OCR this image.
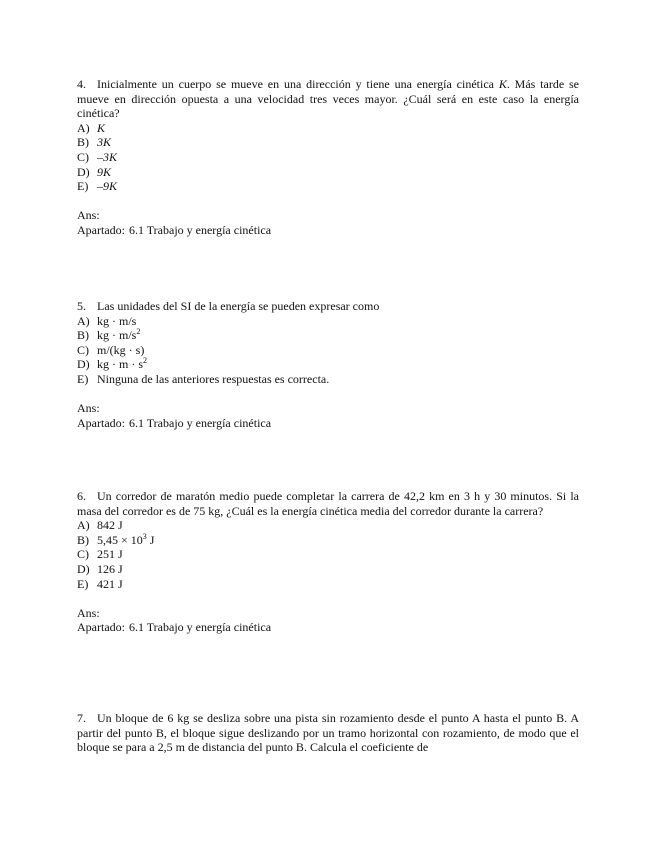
4. Inicialmente un cuerpo se mueve en una dirección y tiene una energía cinética K. Más tarde se mueve en dirección opuesta a una velocidad tres veces mayor. ¿Cuál será en este caso la energía cinética?

A) K
B) 3K
C) –3K
D) 9K
E) –9K

Ans:

Apartado: 6.1 Trabajo y energía cinética

5. Las unidades del SI de la energía se pueden expresar como

A) kg · m/s
B) kg · $m/s^2$
C) m/(kg · s)
D) kg · $m \cdot s^2$
E) Ninguna de las anteriores respuestas es correcta.

Ans:

Apartado: 6.1 Trabajo y energía cinética

6. Un corredor de maratón medio puede completar la carrera de 42,2 km en 3 h y 30 minutos. Si la masa del corredor es de 75 kg, ¿Cuál es la energía cinética media del corredor durante la carrera?

A) 842 J
B) $5,45 \times 10^3$ J
C) 251 J
D) 126 J
E) 421 J

Ans:

Apartado: 6.1 Trabajo y energía cinética

7. Un bloque de 6 kg se desliza sobre una pista sin rozamiento desde el punto A hasta el punto B. A partir del punto B, el bloque sigue deslizando por un tramo horizontal con rozamiento, de modo que el bloque se para a 2,5 m de distancia del punto B. Calcula el coeficiente de
